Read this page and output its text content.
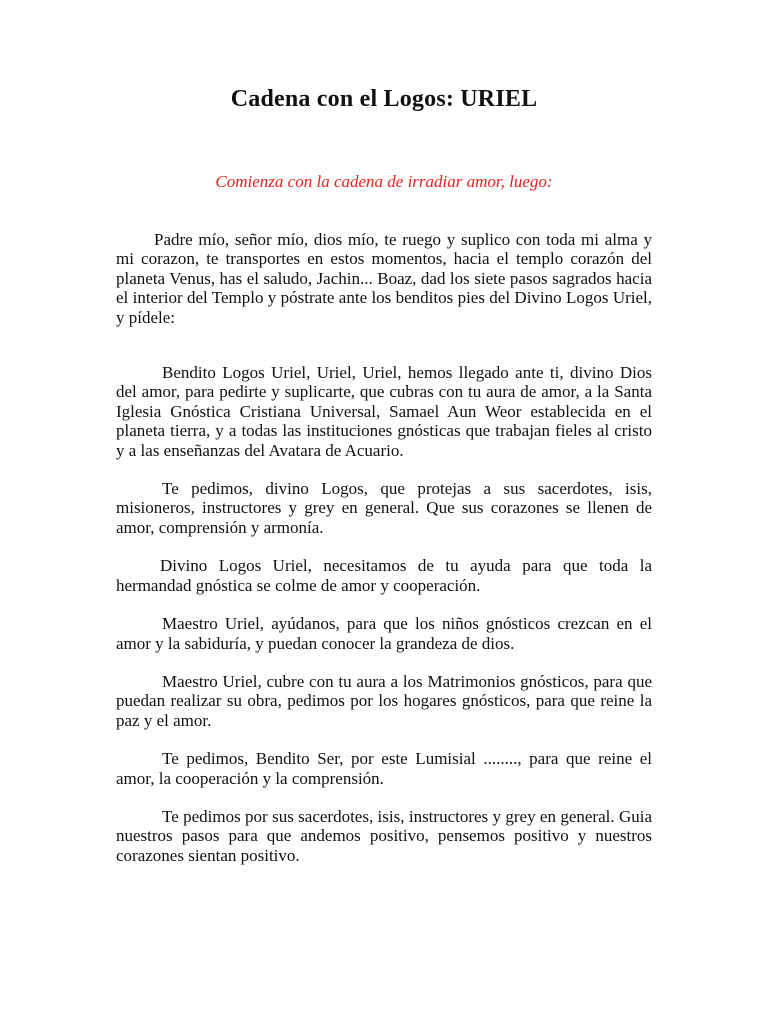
Cadena con el Logos: URIEL

Comienza con la cadena de irradiar amor, luego:

Padre mío, señor mío, dios mío, te ruego y suplico con toda mi alma y mi corazon, te transportes en estos momentos, hacia el templo corazón del planeta Venus, has el saludo, Jachin... Boaz, dad los siete pasos sagrados hacia el interior del Templo y póstrate ante los benditos pies del Divino Logos Uriel, y pídele:

Bendito Logos Uriel, Uriel, Uriel, hemos llegado ante ti, divino Dios del amor, para pedirte y suplicarte, que cubras con tu aura de amor, a la Santa Iglesia Gnóstica Cristiana Universal, Samael Aun Weor establecida en el planeta tierra, y a todas las instituciones gnósticas que trabajan fieles al cristo y a las enseñanzas del Avatara de Acuario.

Te pedimos, divino Logos, que protejas a sus sacerdotes, isis, misioneros, instructores y grey en general. Que sus corazones se llenen de amor, comprensión y armonía.

Divino Logos Uriel, necesitamos de tu ayuda para que toda la hermandad gnóstica se colme de amor y cooperación.

Maestro Uriel, ayúdanos, para que los niños gnósticos crezcan en el amor y la sabiduría, y puedan conocer la grandeza de dios.

Maestro Uriel, cubre con tu aura a los Matrimonios gnósticos, para que puedan realizar su obra, pedimos por los hogares gnósticos, para que reine la paz y el amor.

Te pedimos, Bendito Ser, por este Lumisial ........, para que reine el amor, la cooperación y la comprensión.

Te pedimos por sus sacerdotes, isis, instructores y grey en general. Guia nuestros pasos para que andemos positivo, pensemos positivo y nuestros corazones sientan positivo.
